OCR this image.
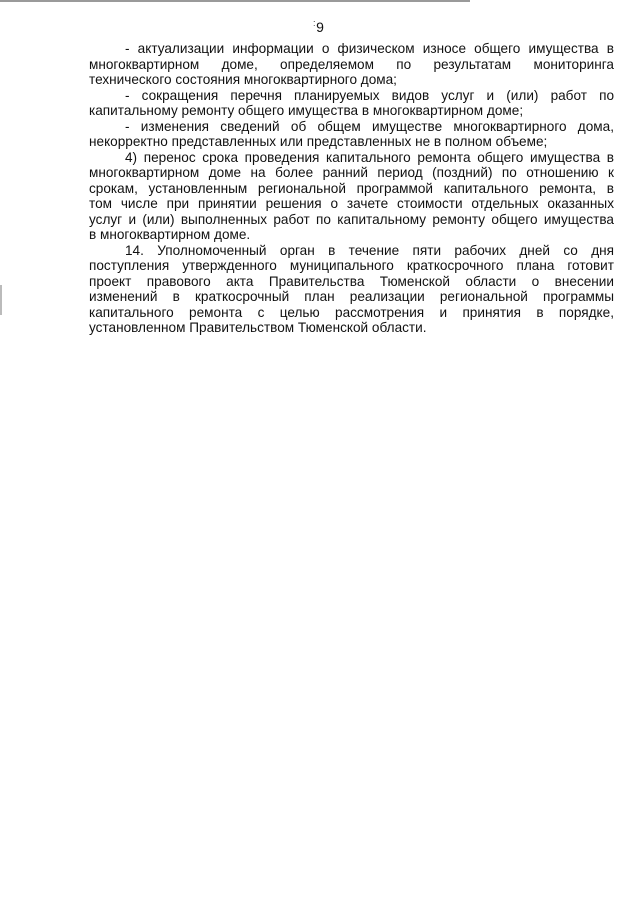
: 9
- актуализации информации о физическом износе общего имущества в
многоквартирном доме, определяемом по результатам мониторинга
технического состояния многоквартирного дома;
- сокращения перечня планируемых видов услуг и (или) работ по
капитальному ремонту общего имущества в многоквартирном доме;
- изменения сведений об общем имуществе многоквартирного дома,
некорректно представленных или представленных не в полном объеме;
4) перенос срока проведения капитального ремонта общего имущества в
многоквартирном доме на более ранний период (поздний) по отношению к
срокам, установленным региональной программой капитального ремонта, в
том числе при принятии решения о зачете стоимости отдельных оказанных
услуг и (или) выполненных работ по капитальному ремонту общего имущества
в многоквартирном доме.
14. Уполномоченный орган в течение пяти рабочих дней со дня
поступления утвержденного муниципального краткосрочного плана готовит
проект правового акта Правительства Тюменской области о внесении
изменений в краткосрочный план реализации региональной программы
капитального ремонта с целью рассмотрения и принятия в порядке,
установленном Правительством Тюменской области.
